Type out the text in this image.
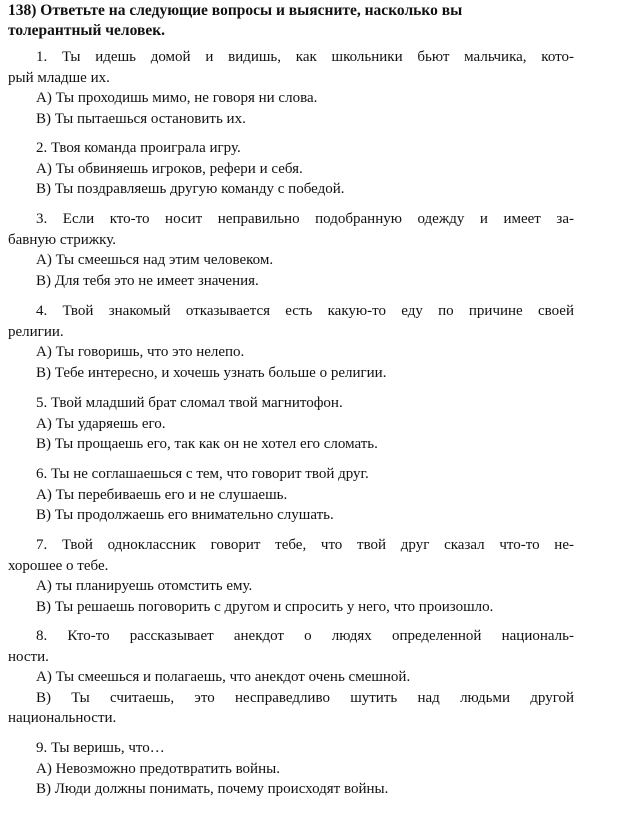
138) Ответьте на следующие вопросы и выясните, насколько вы
толерантный человек.
1. Ты идешь домой и видишь, как школьники бьют мальчика, кото-
рый младше их.
A) Ты проходишь мимо, не говоря ни слова.
B) Ты пытаешься остановить их.
2. Твоя команда проиграла игру.
A) Ты обвиняешь игроков, рефери и себя.
B) Ты поздравляешь другую команду с победой.
3. Если кто-то носит неправильно подобранную одежду и имеет за-
бавную стрижку.
A) Ты смеешься над этим человеком.
B) Для тебя это не имеет значения.
4. Твой знакомый отказывается есть какую-то еду по причине своей
религии.
A) Ты говоришь, что это нелепо.
B) Тебе интересно, и хочешь узнать больше о религии.
5. Твой младший брат сломал твой магнитофон.
A) Ты ударяешь его.
B) Ты прощаешь его, так как он не хотел его сломать.
6. Ты не соглашаешься с тем, что говорит твой друг.
A) Ты перебиваешь его и не слушаешь.
B) Ты продолжаешь его внимательно слушать.
7. Твой одноклассник говорит тебе, что твой друг сказал что-то не-
хорошее о тебе.
A) ты планируешь отомстить ему.
B) Ты решаешь поговорить с другом и спросить у него, что произошло.
8. Кто-то рассказывает анекдот о людях определенной националь-
ности.
A) Ты смеешься и полагаешь, что анекдот очень смешной.
B) Ты считаешь, это несправедливо шутить над людьми другой
национальности.
9. Ты веришь, что…
A) Невозможно предотвратить войны.
B) Люди должны понимать, почему происходят войны.
